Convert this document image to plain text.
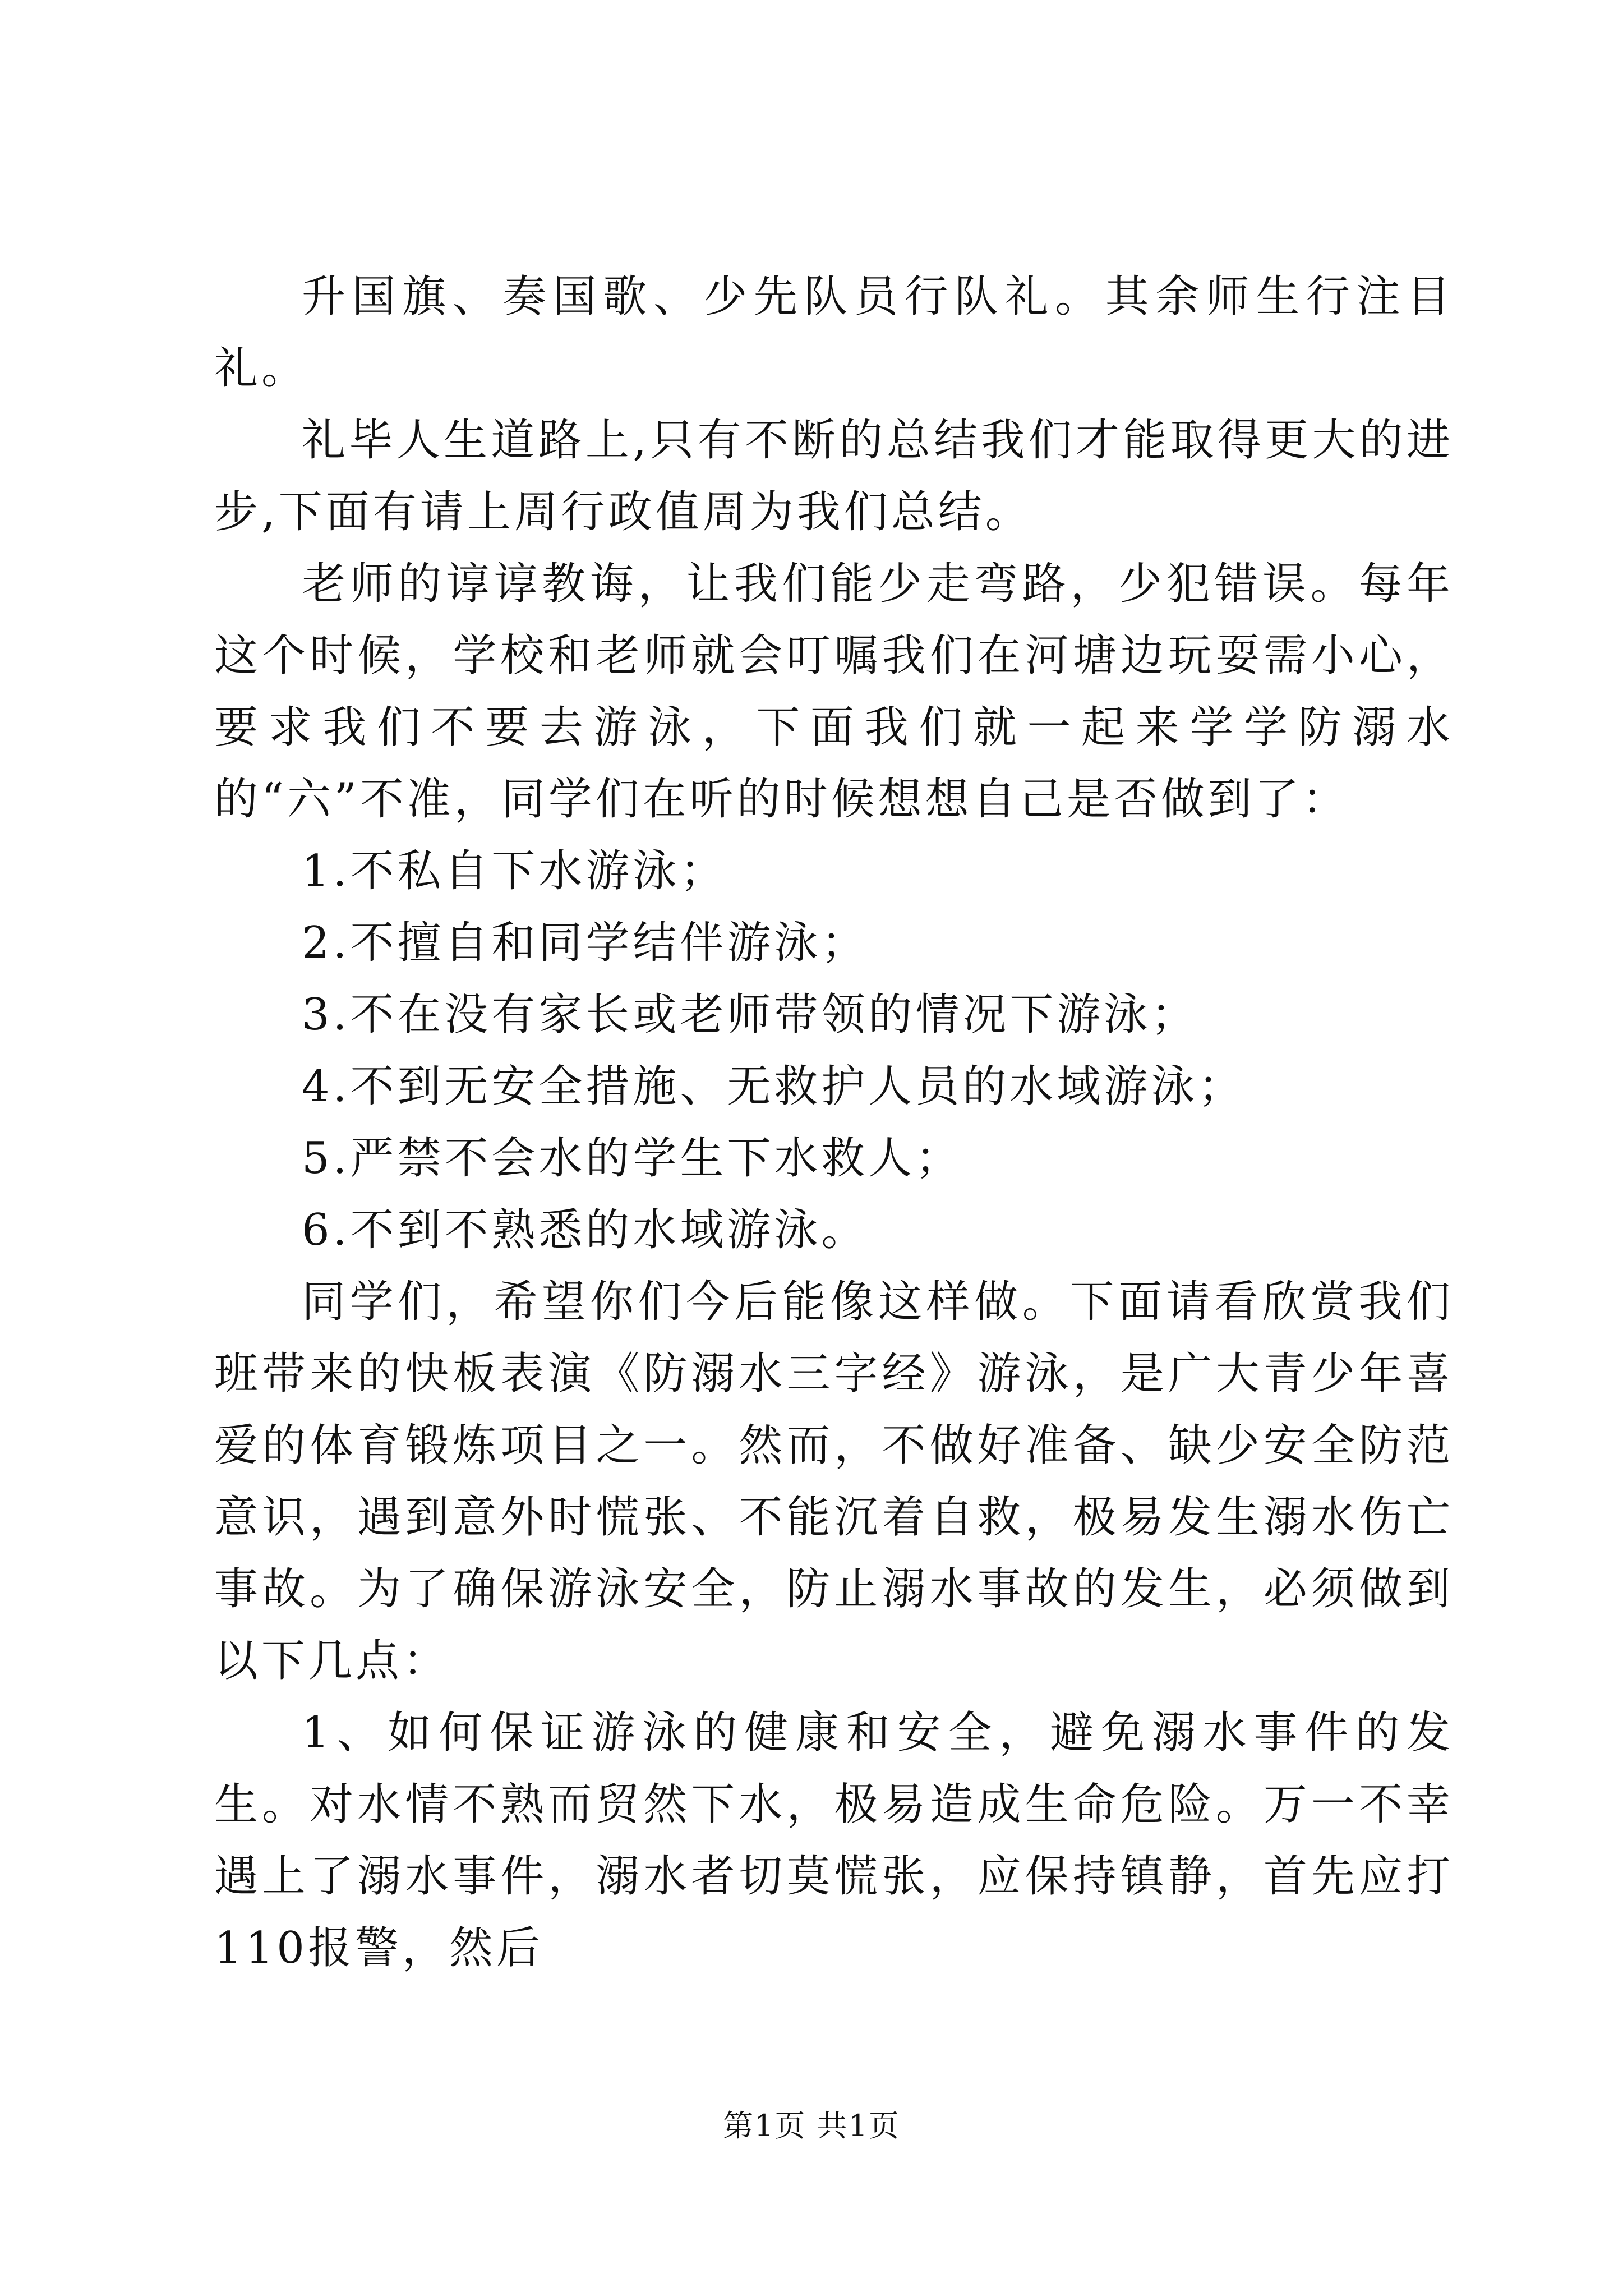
升国旗、奏国歌、少先队员行队礼。其余师生行注目礼。

礼毕人生道路上,只有不断的总结我们才能取得更大的进步,下面有请上周行政值周为我们总结。

老师的谆谆教诲，让我们能少走弯路，少犯错误。每年这个时候，学校和老师就会叮嘱我们在河塘边玩耍需小心，要求我们不要去游泳，下面我们就一起来学学防溺水的“六”不准，同学们在听的时候想想自己是否做到了：

1.不私自下水游泳；

2.不擅自和同学结伴游泳；

3.不在没有家长或老师带领的情况下游泳；

4.不到无安全措施、无救护人员的水域游泳；

5.严禁不会水的学生下水救人；

6.不到不熟悉的水域游泳。

同学们，希望你们今后能像这样做。下面请看欣赏我们班带来的快板表演《防溺水三字经》游泳，是广大青少年喜爱的体育锻炼项目之一。然而，不做好准备、缺少安全防范意识，遇到意外时慌张、不能沉着自救，极易发生溺水伤亡事故。为了确保游泳安全，防止溺水事故的发生，必须做到以下几点：

1、如何保证游泳的健康和安全，避免溺水事件的发生。对水情不熟而贸然下水，极易造成生命危险。万一不幸遇上了溺水事件，溺水者切莫慌张，应保持镇静，首先应打110报警，然后

第1页 共1页
